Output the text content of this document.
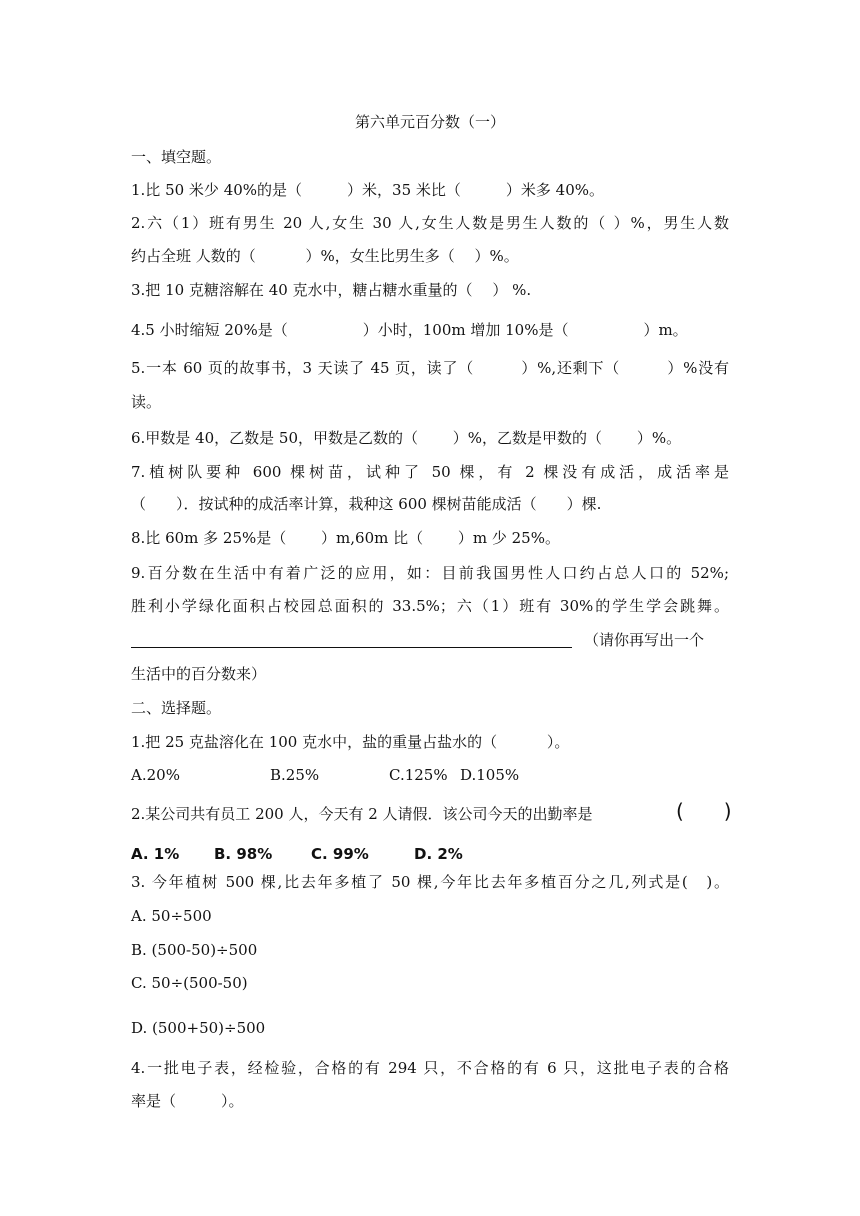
第六单元百分数（一）
一、填空题。
1.比 50 米少 40%的是（　　　）米，35 米比（　　　）米多 40%。
2.六（1）班有男生 20 人,女生 30 人,女生人数是男生人数的（ ）%，男生人数
约占全班 人数的（　　　 ）%，女生比男生多（　 ）%。
3.把 10 克糖溶解在 40 克水中，糖占糖水重量的（　 ） %.
4.5 小时缩短 20%是（　　　　　）小时，100m 增加 10%是（　　　　　）m。
5.一本 60 页的故事书，3 天读了 45 页，读了（　　　）%,还剩下（　　　）%没有
读。
6.甲数是 40，乙数是 50，甲数是乙数的（　　 ）%，乙数是甲数的（　　 ）%。
7.植树队要种 600 棵树苗，试种了 50 棵，有 2 棵没有成活，成活率是
（　　）．按试种的成活率计算，栽种这 600 棵树苗能成活（　　）棵.
8.比 60m 多 25%是（　　 ）m,60m 比（　　 ）m 少 25%。
9.百分数在生活中有着广泛的应用，如：目前我国男性人口约占总人口的 52%;
胜利小学绿化面积占校园总面积的 33.5%；六（1）班有 30%的学生学会跳舞。
（请你再写出一个
生活中的百分数来）
二、选择题。
1.把 25 克盐溶化在 100 克水中，盐的重量占盐水的（　　　 ）。
A.20%	B.25%	C.125% D.105%
2.某公司共有员工 200 人，今天有 2 人请假．该公司今天的出勤率是	(　　)
A. 1% B. 98%	C. 99%	D. 2%
3. 今年植树 500 棵,比去年多植了 50 棵,今年比去年多植百分之几,列式是(　)。
A. 50÷500
B. (500-50)÷500
C. 50÷(500-50)
D. (500+50)÷500
4.一批电子表，经检验，合格的有 294 只，不合格的有 6 只，这批电子表的合格
率是（　　　）。
